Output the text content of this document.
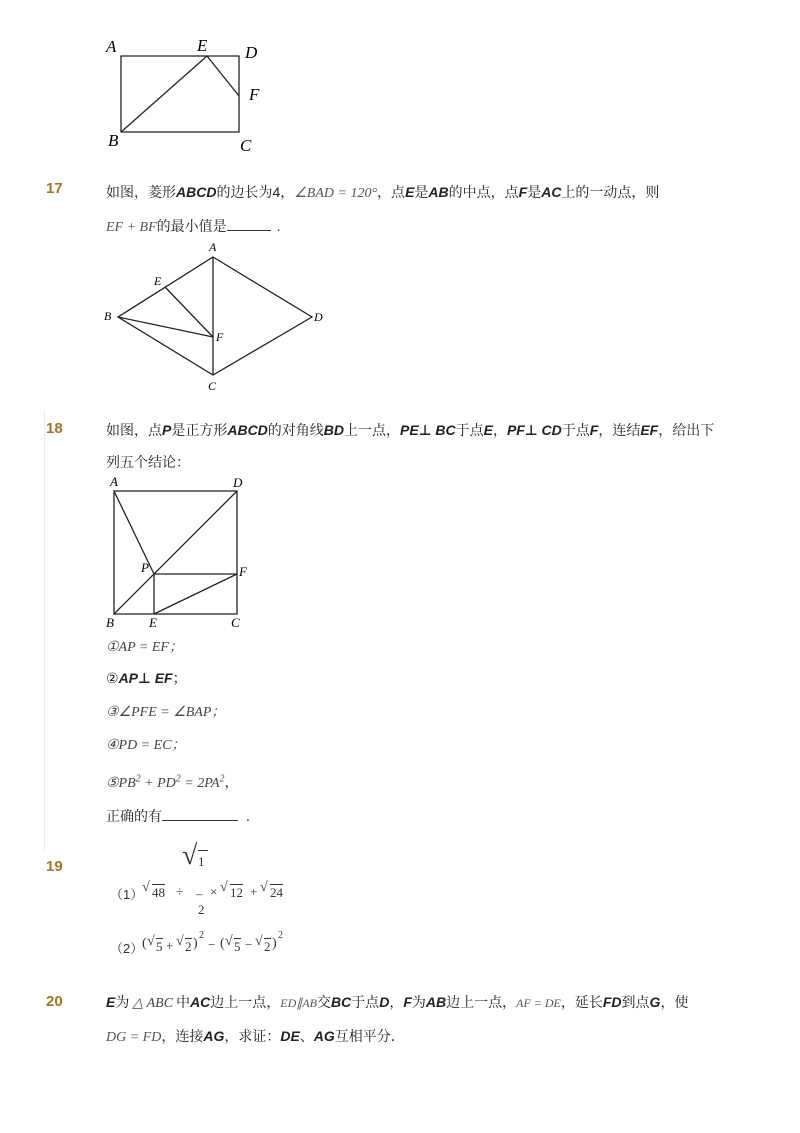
A	E D
F
B	C
17	如图，菱形ABCD的边长为4，∠BAD = 120°，点E是AB的中点，点F是AC上的一动点，则
EF + BF的最小值是	.
A
E
B	D
F
C
18	如图，点P是正方形ABCD的对角线BD上一点，PE⊥ BC于点E，PF⊥ CD于点F，连结EF，给出下
列五个结论：
A	D
P	F
B	E	C
①AP = EF；
②AP⊥ EF；
③∠PFE = ∠BAP；
④PD = EC；
$⑤PB^2 + PD^2 = 2PA^2$，
正确的有	.
19
（1）
√ 48 ÷
√ 1
–
2
× √ 12 + √ 24
（2）
( √ 5 + √ 2 )
2
− ( √ 5 − √ 2 )
2
20	E为 △ ABC 中AC边上一点，ED∥AB交BC于点D，F为AB边上一点，AF = DE，延长FD到点G，使
DG = FD，连接AG，求证：DE、AG互相平分．
